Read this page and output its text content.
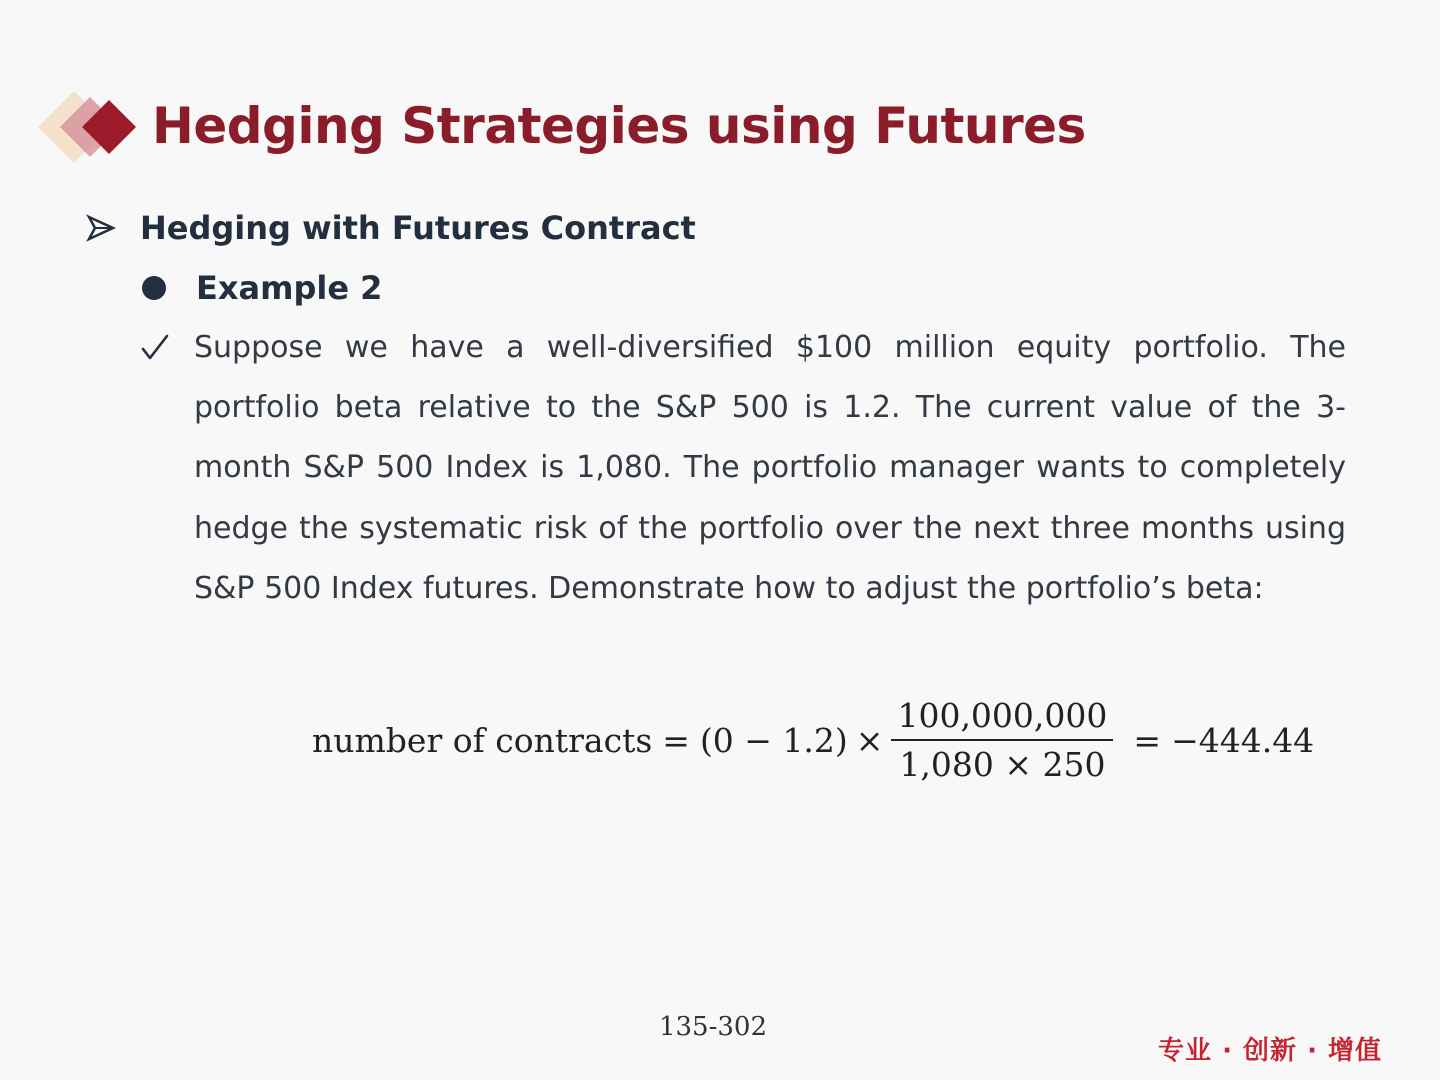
Hedging Strategies using Futures
Hedging with Futures Contract
Example 2

Suppose we have a well-diversified $100 million equity portfolio. The portfolio beta relative to the S&P 500 is 1.2. The current value of the 3-month S&P 500 Index is 1,080. The portfolio manager wants to completely hedge the systematic risk of the portfolio over the next three months using S&P 500 Index futures. Demonstrate how to adjust the portfolio’s beta:

number of contracts = $(0 - 1.2) \times \frac{100,000,000}{1,080 \times 250} = -444.44$
135-302
专业 · 创新 · 增值
